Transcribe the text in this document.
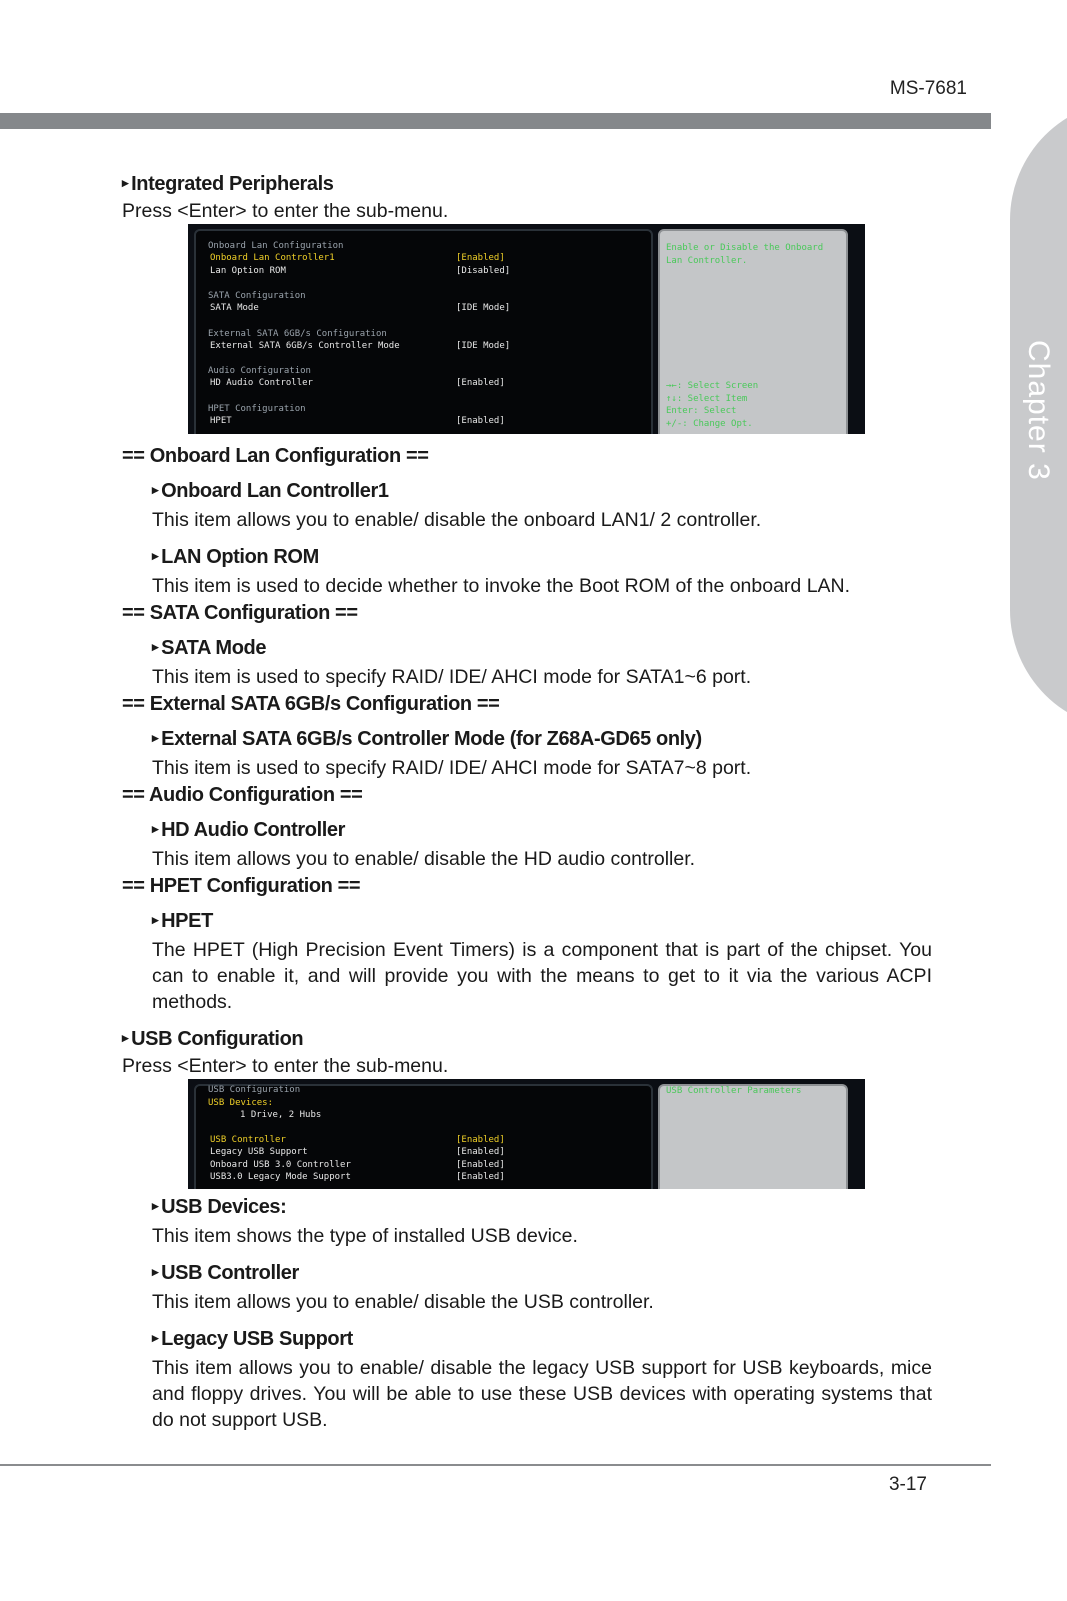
MS-7681
Chapter 3
▸ Integrated Peripherals
Press <Enter> to enter the sub-menu.
Onboard Lan Configuration
Onboard Lan Controller1	[Enabled]
Lan Option ROM	[Disabled]
SATA Configuration
SATA Mode	[IDE Mode]
External SATA 6GB/s Configuration
External SATA 6GB/s Controller Mode	[IDE Mode]
Audio Configuration
HD Audio Controller	[Enabled]
HPET Configuration
HPET	[Enabled]
Enable or Disable the Onboard
Lan Controller.
→←: Select Screen
↑↓: Select Item
Enter: Select
+/-: Change Opt.
== Onboard Lan Configuration ==
▸ Onboard Lan Controller1
This item allows you to enable/ disable the onboard LAN1/ 2 controller.
▸ LAN Option ROM
This item is used to decide whether to invoke the Boot ROM of the onboard LAN.
== SATA Configuration ==
▸ SATA Mode
This item is used to specify RAID/ IDE/ AHCI mode for SATA1~6 port.
== External SATA 6GB/s Configuration ==
▸ External SATA 6GB/s Controller Mode (for Z68A-GD65 only)
This item is used to specify RAID/ IDE/ AHCI mode for SATA7~8 port.
== Audio Configuration ==
▸ HD Audio Controller
This item allows you to enable/ disable the HD audio controller.
== HPET Configuration ==
▸ HPET
The HPET (High Precision Event Timers) is a component that is part of the chipset. You can to enable it, and will provide you with the means to get to it via the various ACPI methods.
▸ USB Configuration
Press <Enter> to enter the sub-menu.
USB Configuration
USB Devices:
1 Drive, 2 Hubs
USB Controller	[Enabled]
Legacy USB Support	[Enabled]
Onboard USB 3.0 Controller	[Enabled]
USB3.0 Legacy Mode Support	[Enabled]
USB Controller Parameters
▸ USB Devices:
This item shows the type of installed USB device.
▸ USB Controller
This item allows you to enable/ disable the USB controller.
▸ Legacy USB Support
This item allows you to enable/ disable the legacy USB support for USB keyboards, mice and floppy drives. You will be able to use these USB devices with operating systems that do not support USB.
3-17
